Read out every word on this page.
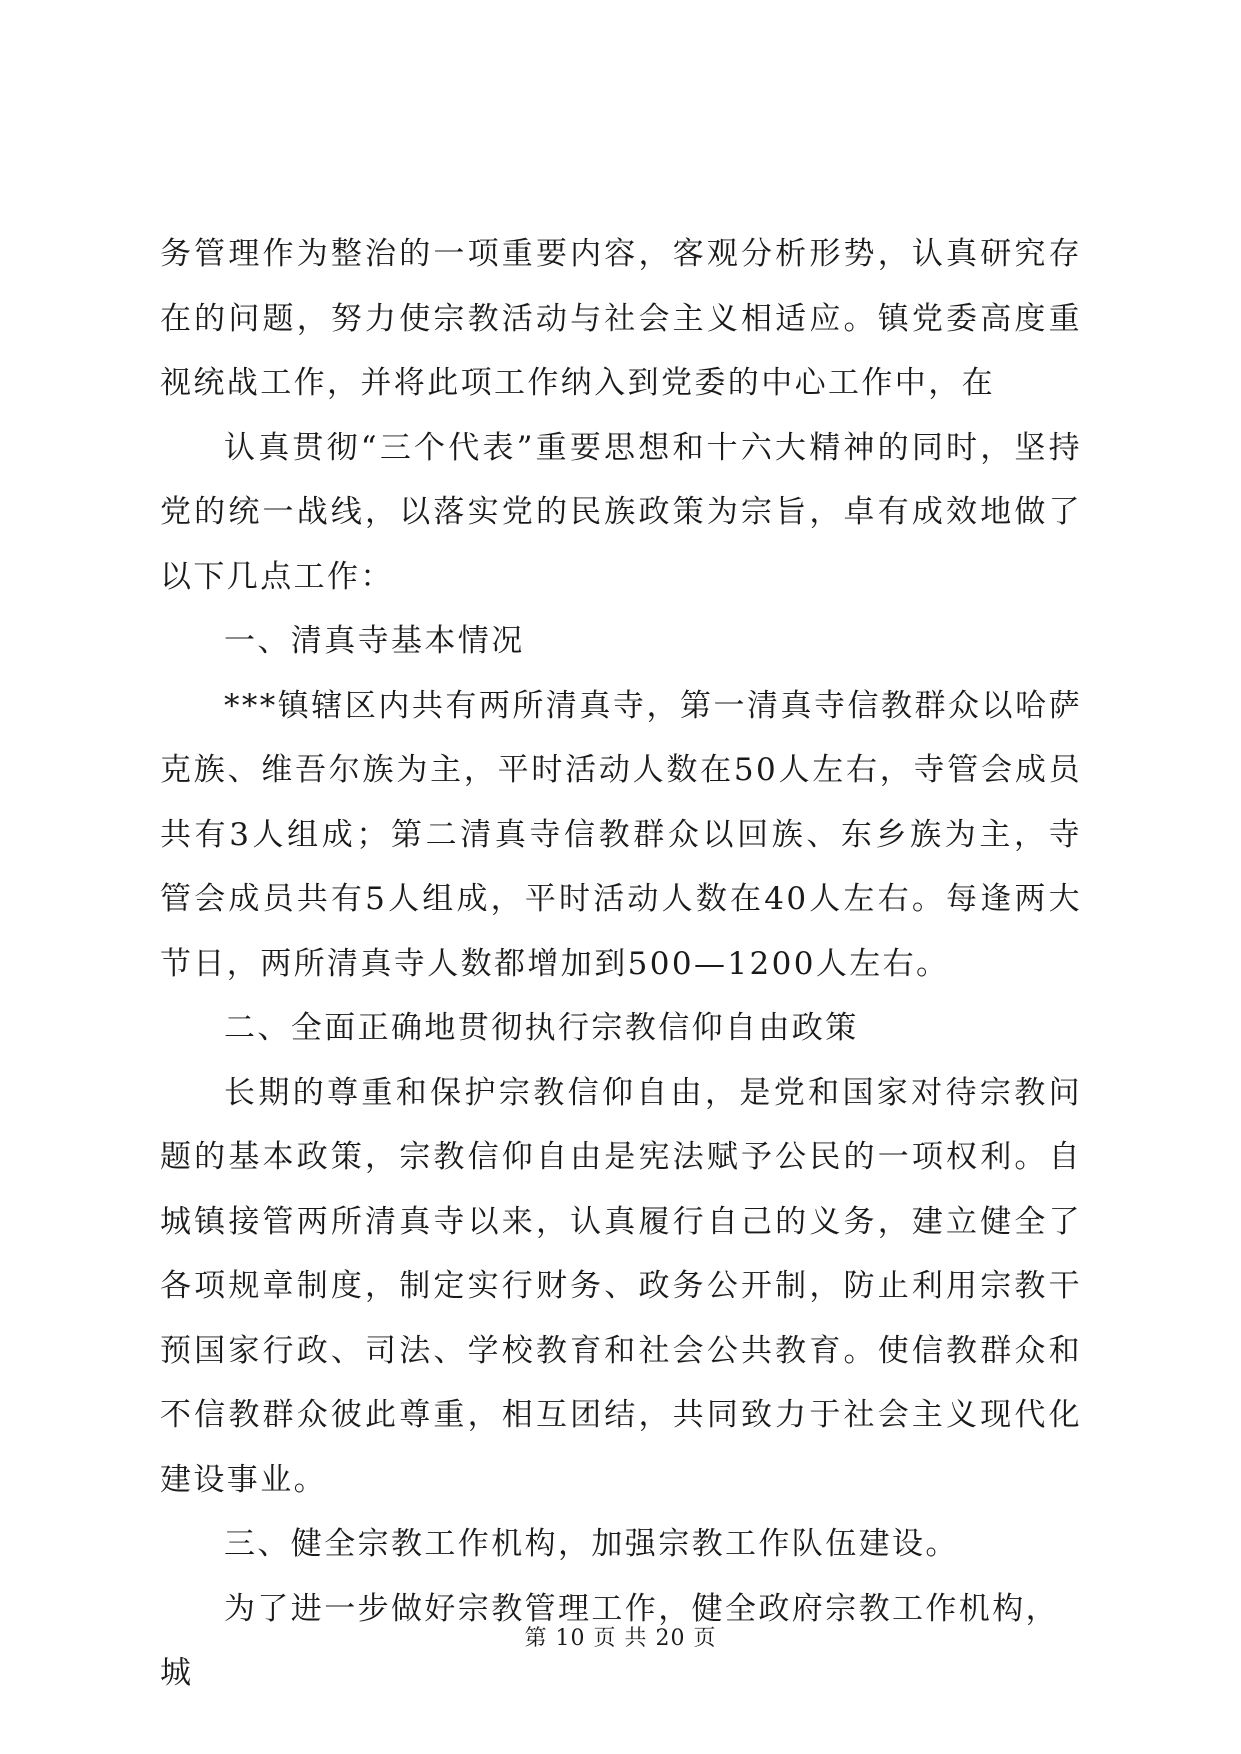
务管理作为整治的一项重要内容，客观分析形势，认真研究存在的问题，努力使宗教活动与社会主义相适应。镇党委高度重视统战工作，并将此项工作纳入到党委的中心工作中，在

认真贯彻“三个代表”重要思想和十六大精神的同时，坚持党的统一战线，以落实党的民族政策为宗旨，卓有成效地做了以下几点工作：

一、清真寺基本情况

***镇辖区内共有两所清真寺，第一清真寺信教群众以哈萨克族、维吾尔族为主，平时活动人数在50人左右，寺管会成员共有3人组成；第二清真寺信教群众以回族、东乡族为主，寺管会成员共有5人组成，平时活动人数在40人左右。每逢两大节日，两所清真寺人数都增加到500—1200人左右。

二、全面正确地贯彻执行宗教信仰自由政策

长期的尊重和保护宗教信仰自由，是党和国家对待宗教问题的基本政策，宗教信仰自由是宪法赋予公民的一项权利。自城镇接管两所清真寺以来，认真履行自己的义务，建立健全了各项规章制度，制定实行财务、政务公开制，防止利用宗教干预国家行政、司法、学校教育和社会公共教育。使信教群众和不信教群众彼此尊重，相互团结，共同致力于社会主义现代化建设事业。

三、健全宗教工作机构，加强宗教工作队伍建设。

为了进一步做好宗教管理工作，健全政府宗教工作机构，城

第 10 页 共 20 页
